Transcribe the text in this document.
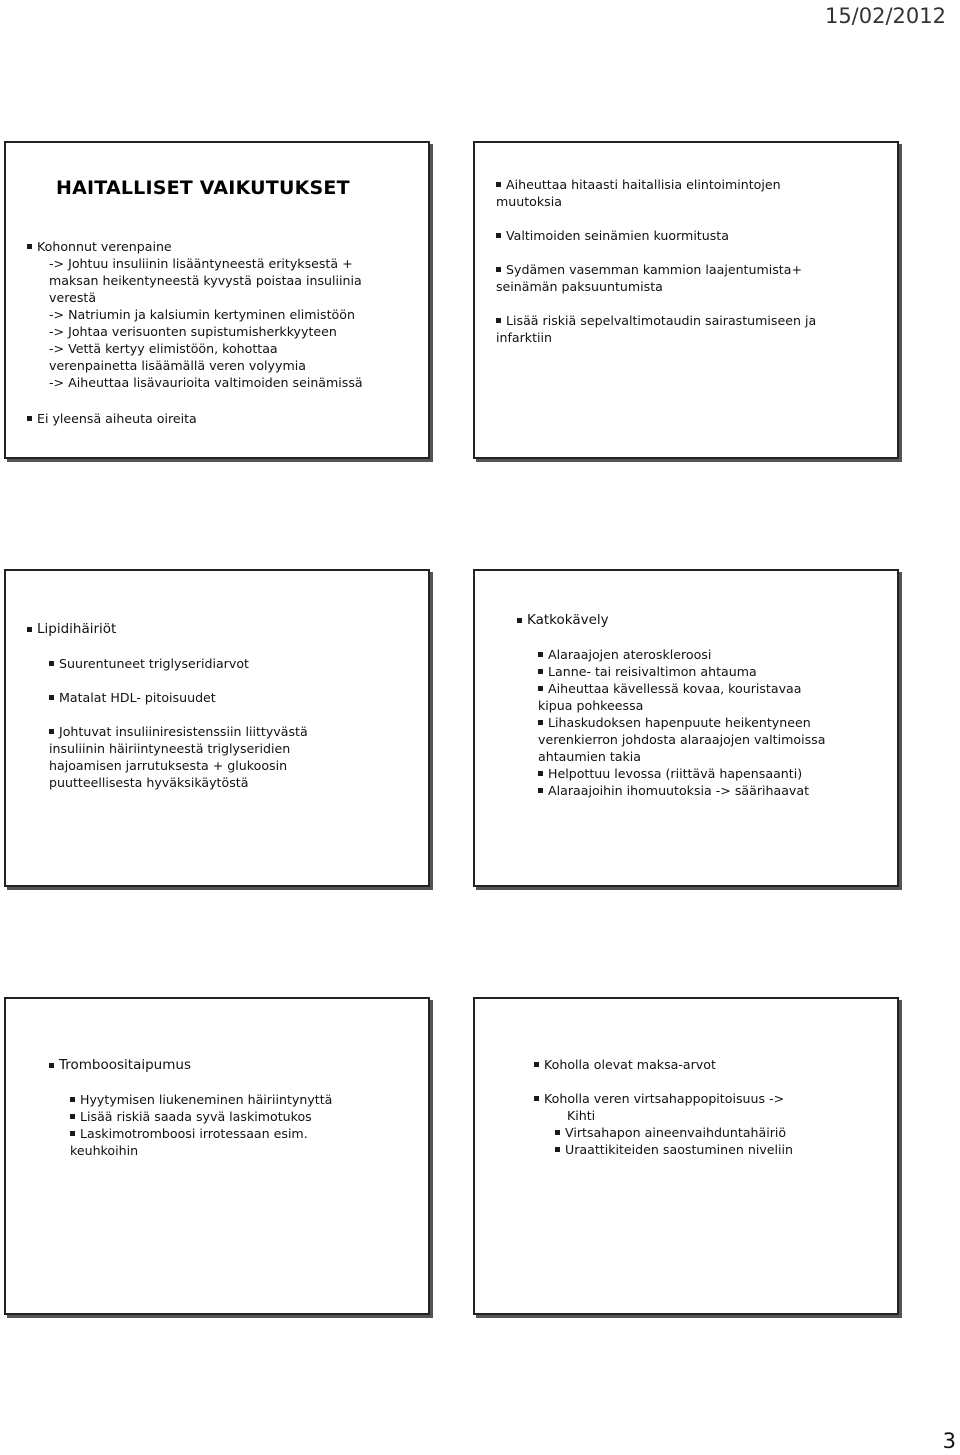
15/02/2012
HAITALLISET VAIKUTUKSET
Kohonnut verenpaine
-> Johtuu insuliinin lisääntyneestä erityksestä +
maksan heikentyneestä kyvystä poistaa insuliinia
verestä
-> Natriumin ja kalsiumin kertyminen elimistöön
-> Johtaa verisuonten supistumisherkkyyteen
-> Vettä kertyy elimistöön, kohottaa
verenpainetta lisäämällä veren volyymia
-> Aiheuttaa lisävaurioita valtimoiden seinämissä
Ei yleensä aiheuta oireita
Aiheuttaa hitaasti haitallisia elintoimintojen
muutoksia
Valtimoiden seinämien kuormitusta
Sydämen vasemman kammion laajentumista+
seinämän paksuuntumista
Lisää riskiä sepelvaltimotaudin sairastumiseen ja
infarktiin
Lipidihäiriöt
Suurentuneet triglyseridiarvot
Matalat HDL- pitoisuudet
Johtuvat insuliiniresistenssiin liittyvästä
insuliinin häiriintyneestä triglyseridien
hajoamisen jarrutuksesta + glukoosin
puutteellisesta hyväksikäytöstä
Katkokävely
Alaraajojen ateroskleroosi
Lanne- tai reisivaltimon ahtauma
Aiheuttaa kävellessä kovaa, kouristavaa
kipua pohkeessa
Lihaskudoksen hapenpuute heikentyneen
verenkierron johdosta alaraajojen valtimoissa
ahtaumien takia
Helpottuu levossa (riittävä hapensaanti)
Alaraajoihin ihomuutoksia -> säärihaavat
Tromboositaipumus
Hyytymisen liukeneminen häiriintynyttä
Lisää riskiä saada syvä laskimotukos
Laskimotromboosi irrotessaan esim.
keuhkoihin
Koholla olevat maksa-arvot
Koholla veren virtsahappopitoisuus ->
Kihti
Virtsahapon aineenvaihduntahäiriö
Uraattikiteiden saostuminen niveliin
3
